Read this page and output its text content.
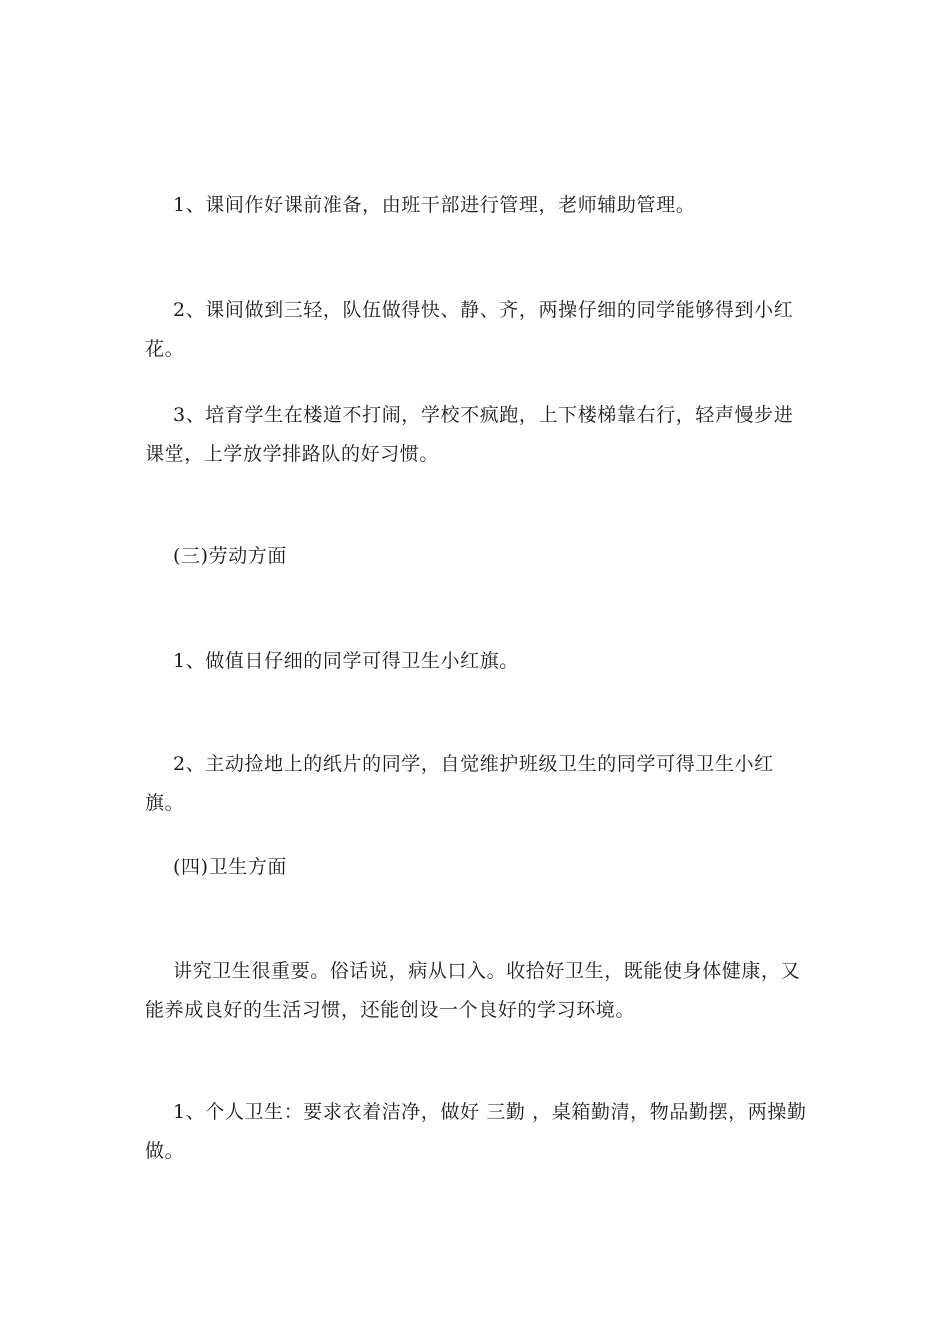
1、课间作好课前准备，由班干部进行管理，老师辅助管理。

2、课间做到三轻，队伍做得快、静、齐，两操仔细的同学能够得到小红花。

3、培育学生在楼道不打闹，学校不疯跑，上下楼梯靠右行，轻声慢步进课堂，上学放学排路队的好习惯。

(三)劳动方面

1、做值日仔细的同学可得卫生小红旗。

2、主动捡地上的纸片的同学，自觉维护班级卫生的同学可得卫生小红旗。

(四)卫生方面

讲究卫生很重要。俗话说，病从口入。收拾好卫生，既能使身体健康，又能养成良好的生活习惯，还能创设一个良好的学习环境。

1、个人卫生：要求衣着洁净，做好 三勤 ，桌箱勤清，物品勤摆，两操勤做。
